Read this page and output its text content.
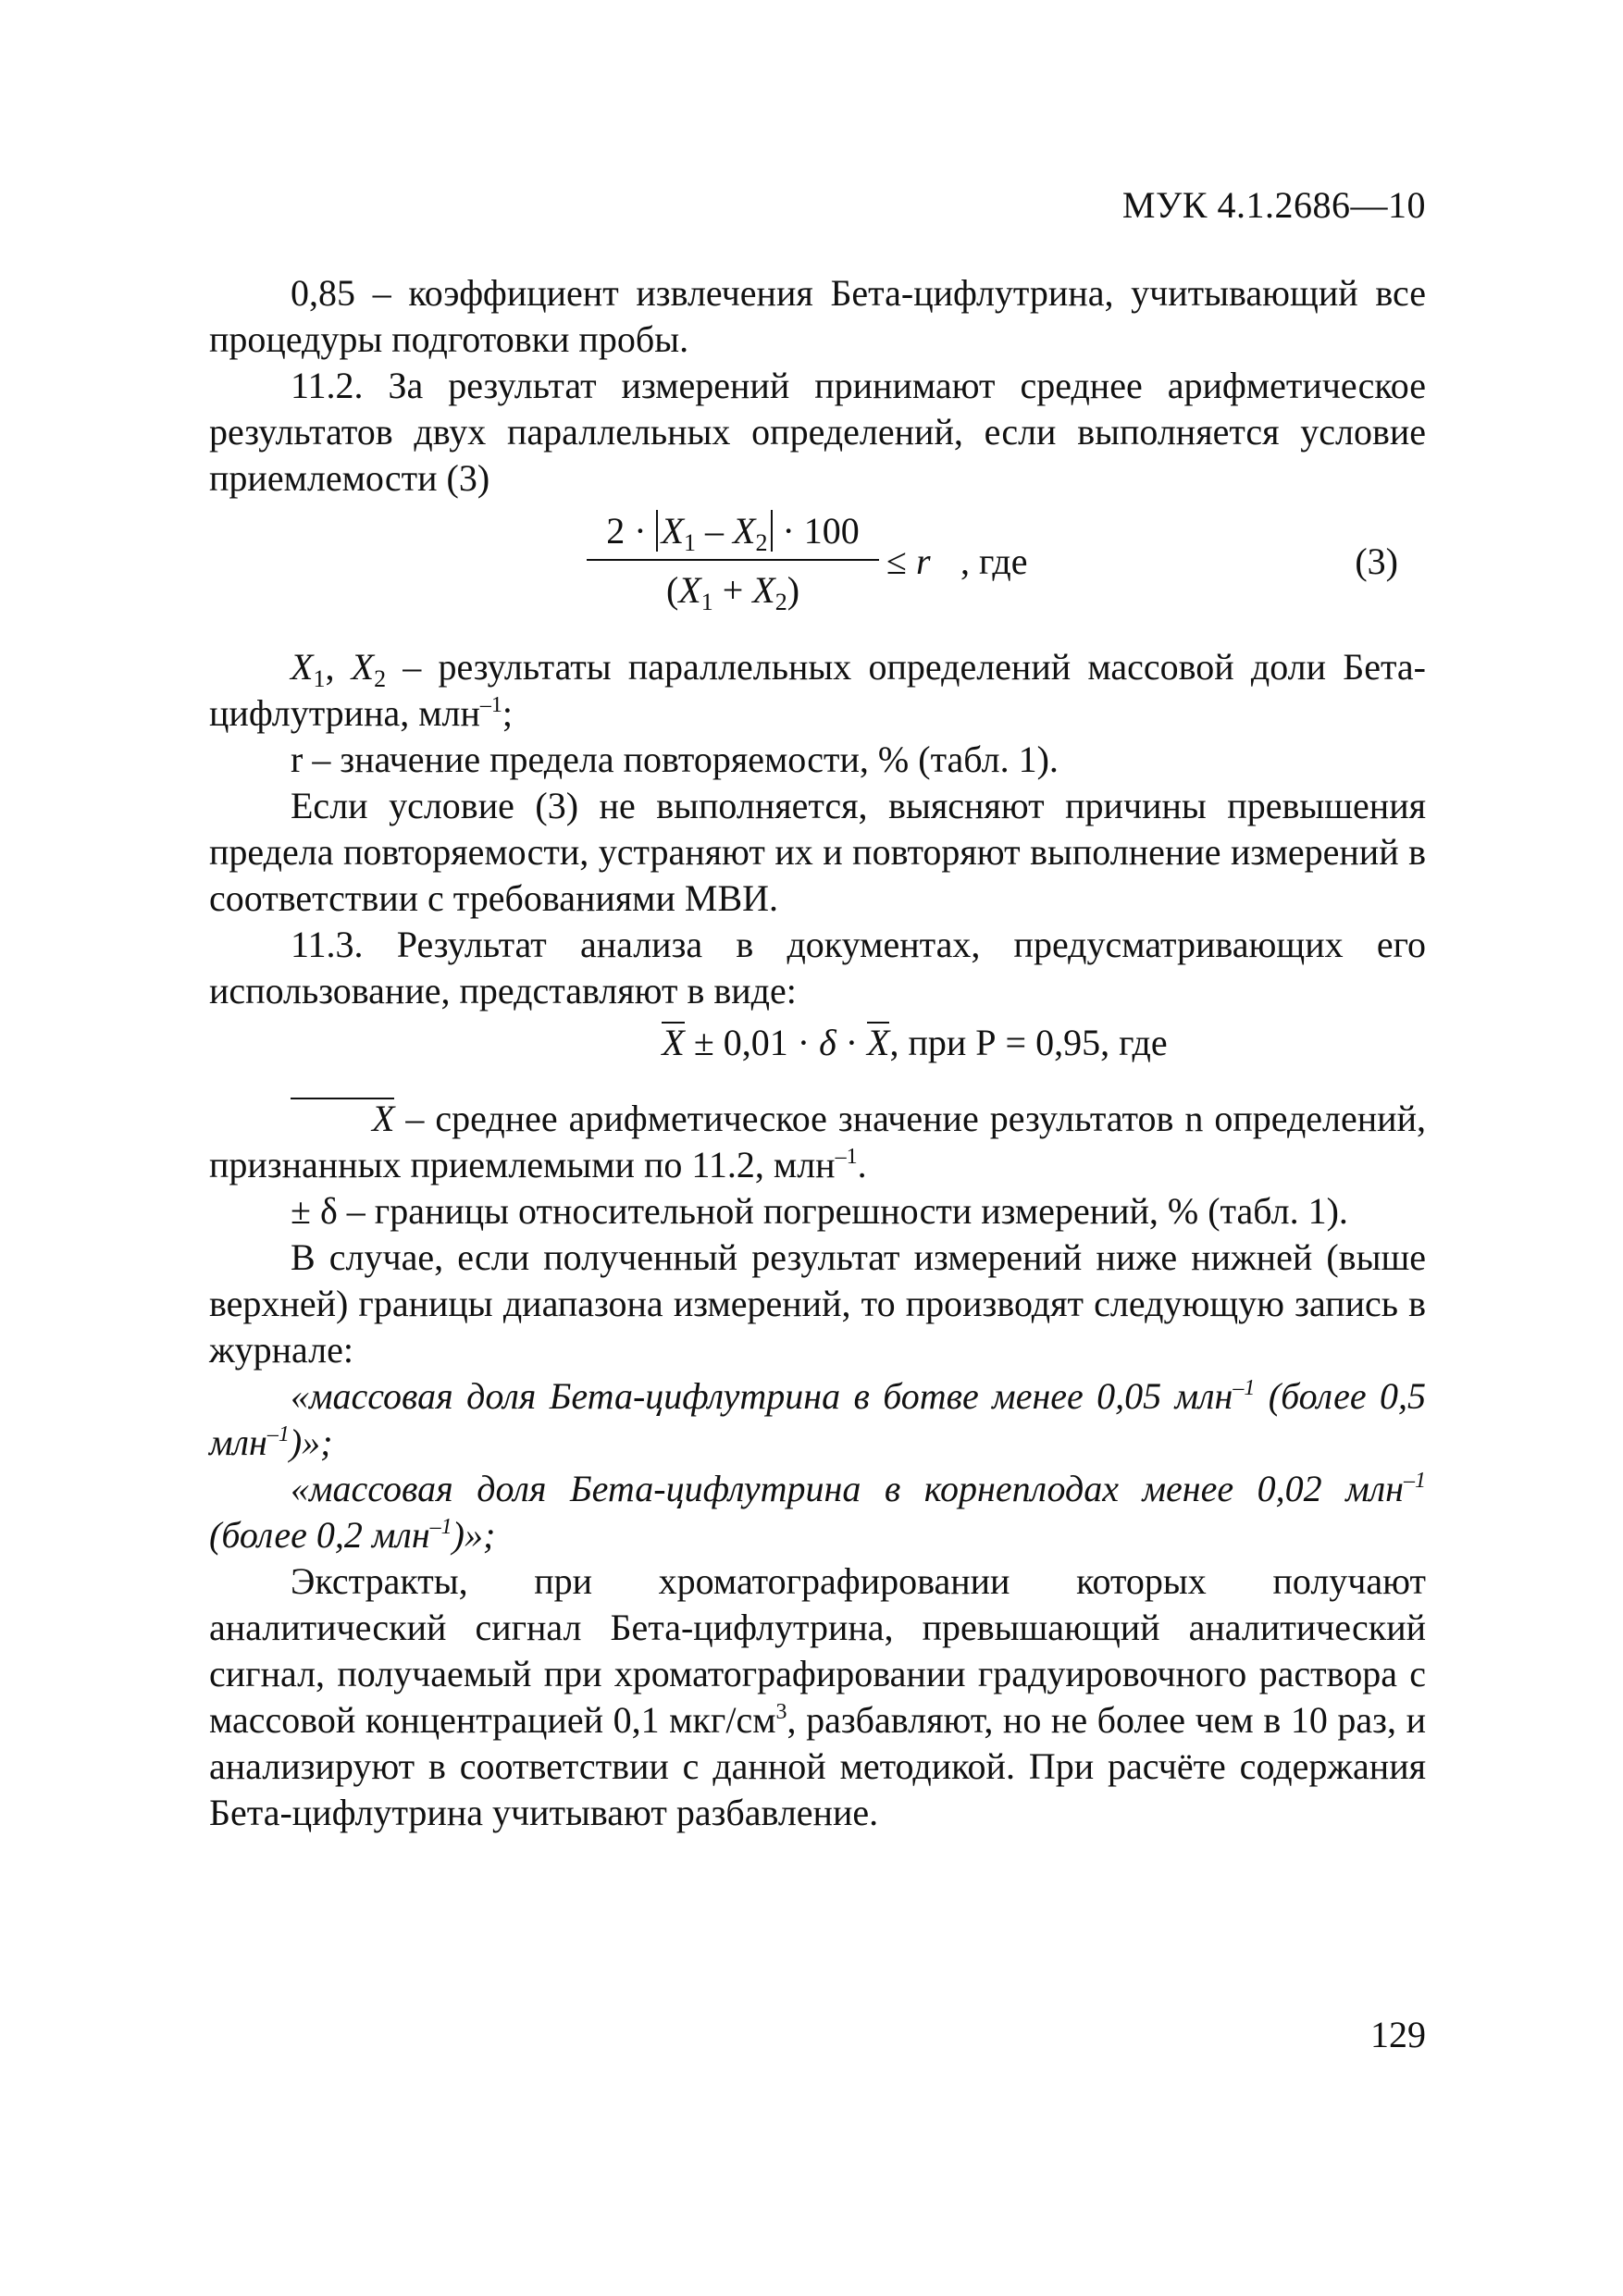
МУК 4.1.2686—10

0,85 – коэффициент извлечения Бета-цифлутрина, учитывающий все процедуры подготовки пробы.

11.2. За результат измерений принимают среднее арифметическое результатов двух параллельных определений, если выполняется условие приемлемости (3)

$\frac{2 \cdot X_1 - X_2 \cdot 100}{(X_1 + X_2)} \le r$ , где	(3)

$X_1$, $X_2$ – результаты параллельных определений массовой доли Бета-цифлутрина, млн$^{-1}$;

r – значение предела повторяемости, % (табл. 1).

Если условие (3) не выполняется, выясняют причины превышения предела повторяемости, устраняют их и повторяют выполнение измерений в соответствии с требованиями МВИ.

11.3. Результат анализа в документах, предусматривающих его использование, представляют в виде:

X ± 0,01 · δ · X, при Р = 0,95, где

X – среднее арифметическое значение результатов n определений, признанных приемлемыми по 11.2, млн$^{-1}$.

± δ – границы относительной погрешности измерений, % (табл. 1).

В случае, если полученный результат измерений ниже нижней (выше верхней) границы диапазона измерений, то производят следующую запись в журнале:

«массовая доля Бета-цифлутрина в ботве менее 0,05 млн$^{-1}$ (более 0,5 млн$^{-1}$)»;

«массовая доля Бета-цифлутрина в корнеплодах менее 0,02 млн$^{-1}$ (более 0,2 млн$^{-1}$)»;

Экстракты, при хроматографировании которых получают аналитический сигнал Бета-цифлутрина, превышающий аналитический сигнал, получаемый при хроматографировании градуировочного раствора с массовой концентрацией 0,1 мкг/$см^3$, разбавляют, но не более чем в 10 раз, и анализируют в соответствии с данной методикой. При расчёте содержания Бета-цифлутрина учитывают разбавление.

129
